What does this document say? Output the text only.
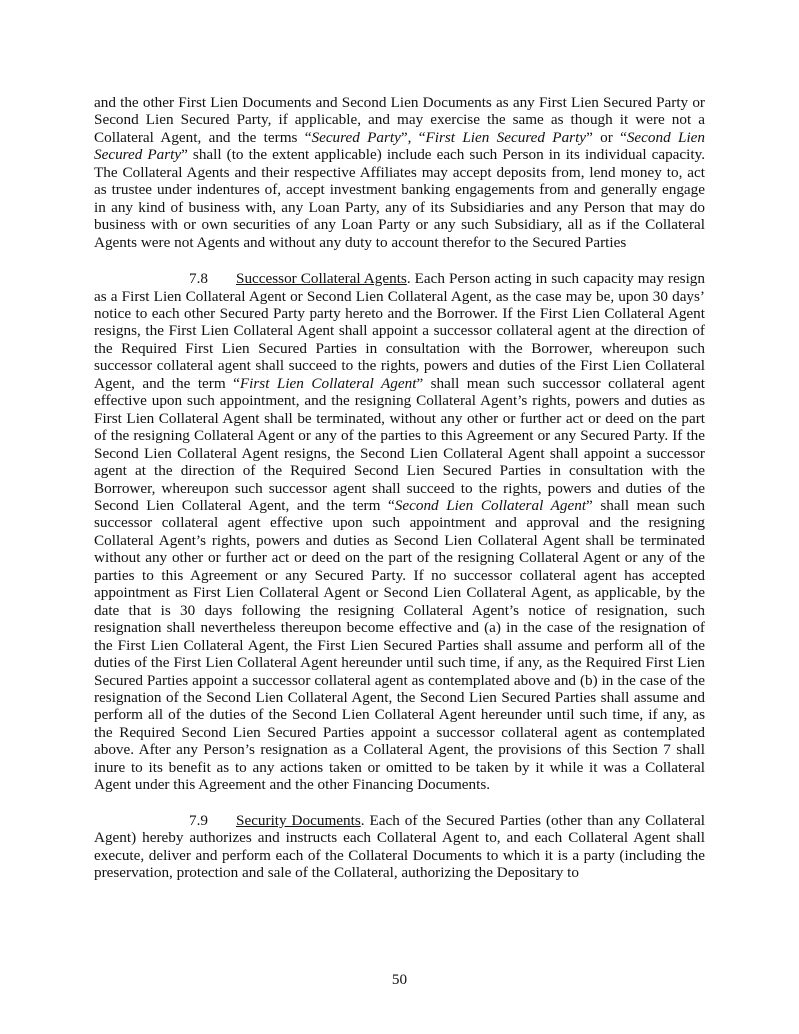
and the other First Lien Documents and Second Lien Documents as any First Lien Secured Party or Second Lien Secured Party, if applicable, and may exercise the same as though it were not a Collateral Agent, and the terms “Secured Party”, “First Lien Secured Party” or “Second Lien Secured Party” shall (to the extent applicable) include each such Person in its individual capacity. The Collateral Agents and their respective Affiliates may accept deposits from, lend money to, act as trustee under indentures of, accept investment banking engagements from and generally engage in any kind of business with, any Loan Party, any of its Subsidiaries and any Person that may do business with or own securities of any Loan Party or any such Subsidiary, all as if the Collateral Agents were not Agents and without any duty to account therefor to the Secured Parties

7.8 Successor Collateral Agents. Each Person acting in such capacity may resign as a First Lien Collateral Agent or Second Lien Collateral Agent, as the case may be, upon 30 days’ notice to each other Secured Party party hereto and the Borrower. If the First Lien Collateral Agent resigns, the First Lien Collateral Agent shall appoint a successor collateral agent at the direction of the Required First Lien Secured Parties in consultation with the Borrower, whereupon such successor collateral agent shall succeed to the rights, powers and duties of the First Lien Collateral Agent, and the term “First Lien Collateral Agent” shall mean such successor collateral agent effective upon such appointment, and the resigning Collateral Agent’s rights, powers and duties as First Lien Collateral Agent shall be terminated, without any other or further act or deed on the part of the resigning Collateral Agent or any of the parties to this Agreement or any Secured Party. If the Second Lien Collateral Agent resigns, the Second Lien Collateral Agent shall appoint a successor agent at the direction of the Required Second Lien Secured Parties in consultation with the Borrower, whereupon such successor agent shall succeed to the rights, powers and duties of the Second Lien Collateral Agent, and the term “Second Lien Collateral Agent” shall mean such successor collateral agent effective upon such appointment and approval and the resigning Collateral Agent’s rights, powers and duties as Second Lien Collateral Agent shall be terminated without any other or further act or deed on the part of the resigning Collateral Agent or any of the parties to this Agreement or any Secured Party. If no successor collateral agent has accepted appointment as First Lien Collateral Agent or Second Lien Collateral Agent, as applicable, by the date that is 30 days following the resigning Collateral Agent’s notice of resignation, such resignation shall nevertheless thereupon become effective and (a) in the case of the resignation of the First Lien Collateral Agent, the First Lien Secured Parties shall assume and perform all of the duties of the First Lien Collateral Agent hereunder until such time, if any, as the Required First Lien Secured Parties appoint a successor collateral agent as contemplated above and (b) in the case of the resignation of the Second Lien Collateral Agent, the Second Lien Secured Parties shall assume and perform all of the duties of the Second Lien Collateral Agent hereunder until such time, if any, as the Required Second Lien Secured Parties appoint a successor collateral agent as contemplated above. After any Person’s resignation as a Collateral Agent, the provisions of this Section 7 shall inure to its benefit as to any actions taken or omitted to be taken by it while it was a Collateral Agent under this Agreement and the other Financing Documents.

7.9 Security Documents. Each of the Secured Parties (other than any Collateral Agent) hereby authorizes and instructs each Collateral Agent to, and each Collateral Agent shall execute, deliver and perform each of the Collateral Documents to which it is a party (including the preservation, protection and sale of the Collateral, authorizing the Depositary to

50
